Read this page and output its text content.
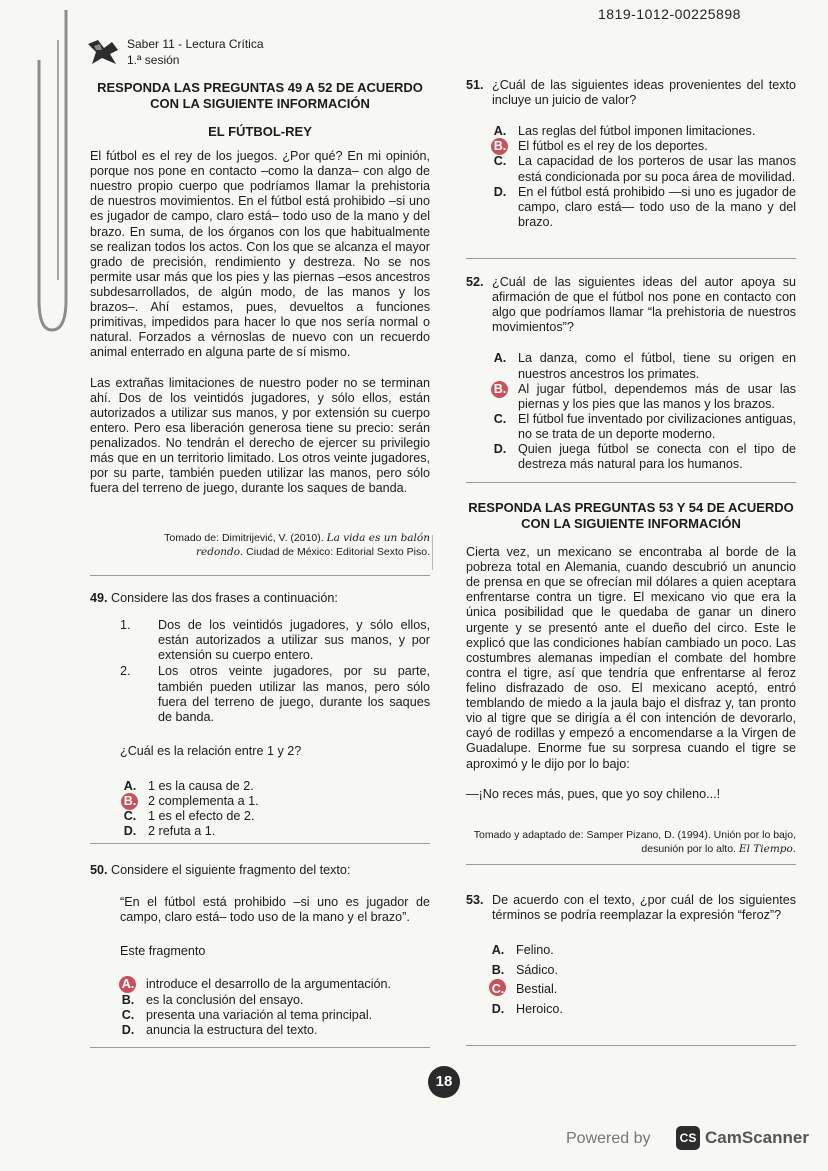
1819-1012-00225898
Saber 11 - Lectura Crítica
1.ª sesión
RESPONDA LAS PREGUNTAS 49 A 52 DE ACUERDO CON LA SIGUIENTE INFORMACIÓN
EL FÚTBOL-REY

El fútbol es el rey de los juegos. ¿Por qué? En mi opinión, porque nos pone en contacto –como la danza– con algo de nuestro propio cuerpo que podríamos llamar la prehistoria de nuestros movimientos. En el fútbol está prohibido –si uno es jugador de campo, claro está– todo uso de la mano y del brazo. En suma, de los órganos con los que habitualmente se realizan todos los actos. Con los que se alcanza el mayor grado de precisión, rendimiento y destreza. No se nos permite usar más que los pies y las piernas –esos ancestros subdesarrollados, de algún modo, de las manos y los brazos–. Ahí estamos, pues, devueltos a funciones primitivas, impedidos para hacer lo que nos sería normal o natural. Forzados a vérnoslas de nuevo con un recuerdo animal enterrado en alguna parte de sí mismo.

Las extrañas limitaciones de nuestro poder no se terminan ahí. Dos de los veintidós jugadores, y sólo ellos, están autorizados a utilizar sus manos, y por extensión su cuerpo entero. Pero esa liberación generosa tiene su precio: serán penalizados. No tendrán el derecho de ejercer su privilegio más que en un territorio limitado. Los otros veinte jugadores, por su parte, también pueden utilizar las manos, pero sólo fuera del terreno de juego, durante los saques de banda.

Tomado de: Dimitrijević, V. (2010). La vida es un balón redondo. Ciudad de México: Editorial Sexto Piso.
49. Considere las dos frases a continuación:
1. Dos de los veintidós jugadores, y sólo ellos, están autorizados a utilizar sus manos, y por extensión su cuerpo entero.

2. Los otros veinte jugadores, por su parte, también pueden utilizar las manos, pero sólo fuera del terreno de juego, durante los saques de banda.

¿Cuál es la relación entre 1 y 2?
A. 1 es la causa de 2.
B. 2 complementa a 1.
C. 1 es el efecto de 2.
D. 2 refuta a 1.
50. Considere el siguiente fragmento del texto:

“En el fútbol está prohibido –si uno es jugador de campo, claro está– todo uso de la mano y el brazo”.

Este fragmento
A. introduce el desarrollo de la argumentación.
B. es la conclusión del ensayo.
C. presenta una variación al tema principal.
D. anuncia la estructura del texto.
51. ¿Cuál de las siguientes ideas provenientes del texto incluye un juicio de valor?

A. Las reglas del fútbol imponen limitaciones.
B. El fútbol es el rey de los deportes.
C. La capacidad de los porteros de usar las manos está condicionada por su poca área de movilidad.

D. En el fútbol está prohibido —si uno es jugador de campo, claro está— todo uso de la mano y del brazo.

52. ¿Cuál de las siguientes ideas del autor apoya su afirmación de que el fútbol nos pone en contacto con algo que podríamos llamar “la prehistoria de nuestros movimientos”?

A. La danza, como el fútbol, tiene su origen en nuestros ancestros los primates.

B. Al jugar fútbol, dependemos más de usar las piernas y los pies que las manos y los brazos.

C. El fútbol fue inventado por civilizaciones antiguas, no se trata de un deporte moderno.

D. Quien juega fútbol se conecta con el tipo de destreza más natural para los humanos.

RESPONDA LAS PREGUNTAS 53 Y 54 DE ACUERDO CON LA SIGUIENTE INFORMACIÓN

Cierta vez, un mexicano se encontraba al borde de la pobreza total en Alemania, cuando descubrió un anuncio de prensa en que se ofrecían mil dólares a quien aceptara enfrentarse contra un tigre. El mexicano vio que era la única posibilidad que le quedaba de ganar un dinero urgente y se presentó ante el dueño del circo. Este le explicó que las condiciones habían cambiado un poco. Las costumbres alemanas impedían el combate del hombre contra el tigre, así que tendría que enfrentarse al feroz felino disfrazado de oso. El mexicano aceptó, entró temblando de miedo a la jaula bajo el disfraz y, tan pronto vio al tigre que se dirigía a él con intención de devorarlo, cayó de rodillas y empezó a encomendarse a la Virgen de Guadalupe. Enorme fue su sorpresa cuando el tigre se aproximó y le dijo por lo bajo:

—¡No reces más, pues, que yo soy chileno...!

Tomado y adaptado de: Samper Pizano, D. (1994). Unión por lo bajo, desunión por lo alto. El Tiempo.
53. De acuerdo con el texto, ¿por cuál de los siguientes términos se podría reemplazar la expresión “feroz”?

A. Felino.
B. Sádico.
C. Bestial.
D. Heroico.
18
Powered by	CS CamScanner
